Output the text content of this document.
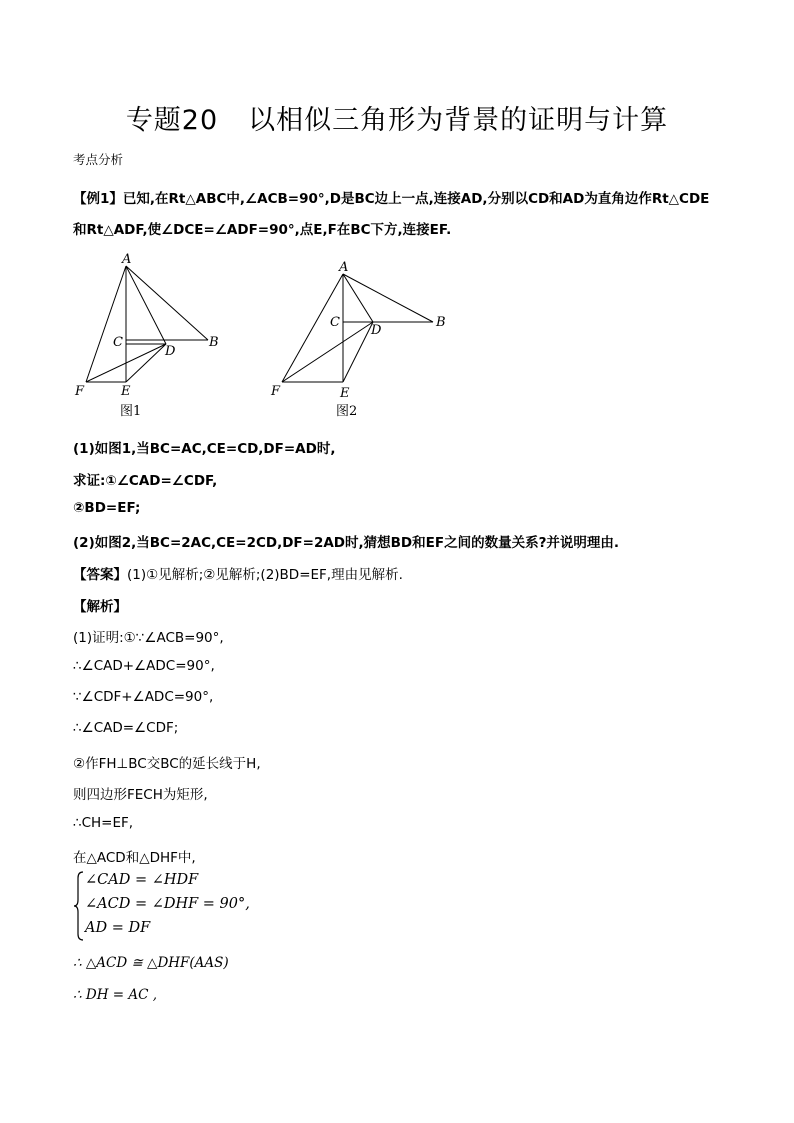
专题20 以相似三角形为背景的证明与计算
考点分析
【例1】已知,在Rt△ABC中,∠ACB=90°,D是BC边上一点,连接AD,分别以CD和AD为直角边作Rt△CDE
和Rt△ADF,使∠DCE=∠ADF=90°,点E,F在BC下方,连接EF.
A
B
C
D
E
F
图1
A
B
C
D
E
F
图2
(1)如图1,当BC=AC,CE=CD,DF=AD时,
求证:①∠CAD=∠CDF,
②BD=EF;
(2)如图2,当BC=2AC,CE=2CD,DF=2AD时,猜想BD和EF之间的数量关系?并说明理由.
【答案】(1)①见解析;②见解析;(2)BD=EF,理由见解析.
【解析】
(1)证明:①∵∠ACB=90°,
∴∠CAD+∠ADC=90°,
∵∠CDF+∠ADC=90°,
∴∠CAD=∠CDF;
②作FH⊥BC交BC的延长线于H,
则四边形FECH为矩形,
∴CH=EF,
在△ACD和△DHF中,
∠CAD = ∠HDF
∠ACD = ∠DHF = 90°,
AD = DF
∴ △ACD ≅ △DHF(AAS)
∴ DH = AC ,
